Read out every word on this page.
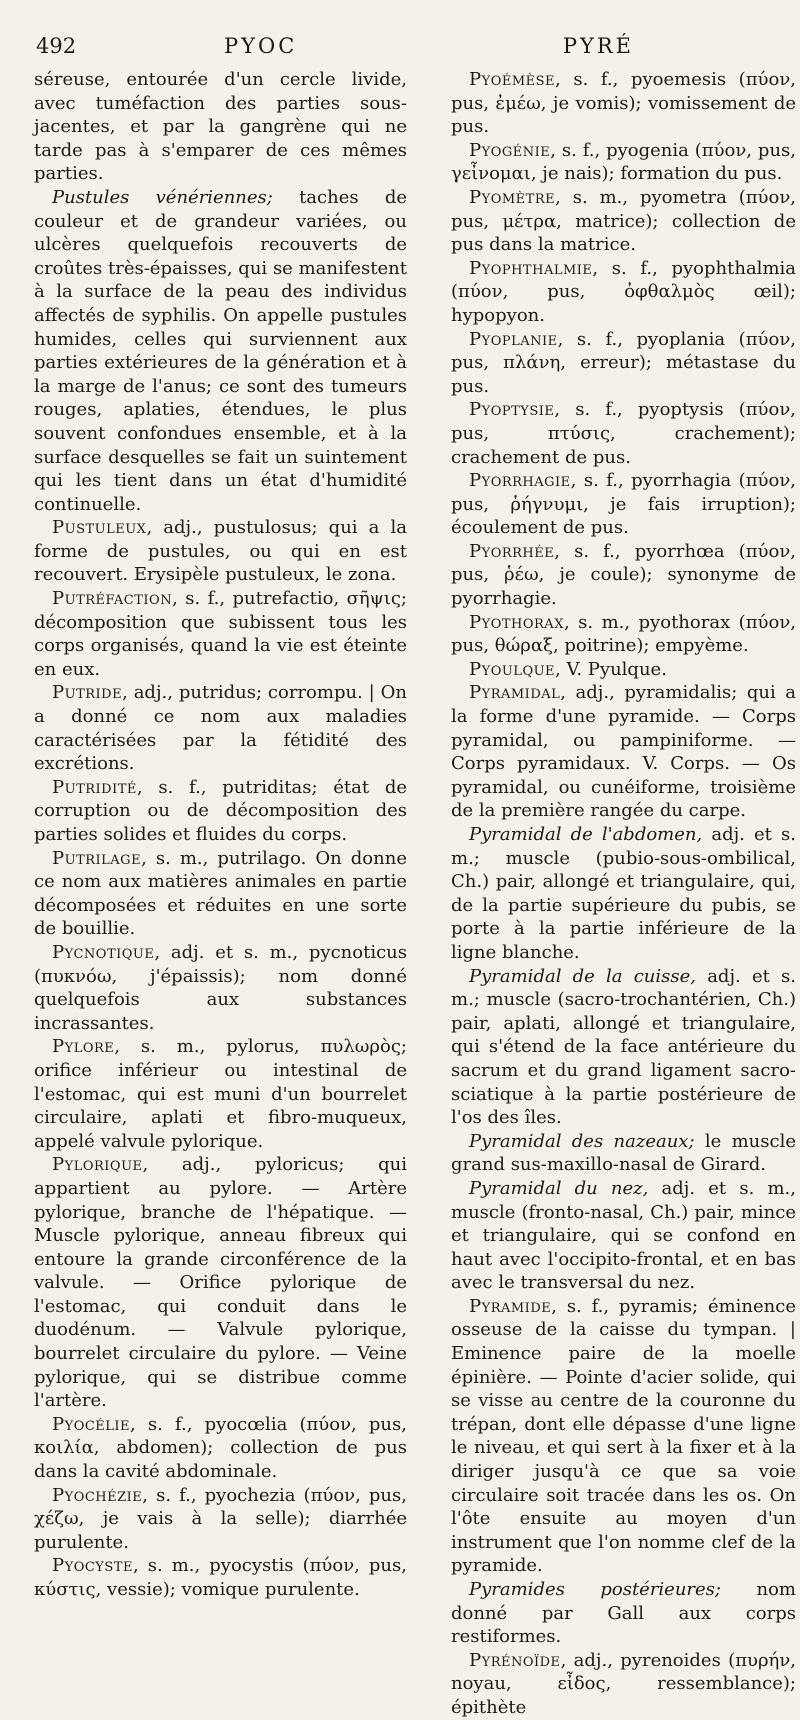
492	PYOC	PYRÉ

séreuse, entourée d'un cercle livide, avec tuméfaction des parties sous-jacentes, et par la gangrène qui ne tarde pas à s'emparer de ces mêmes parties.

Pustules vénériennes; taches de couleur et de grandeur variées, ou ulcères quelquefois recouverts de croûtes très-épaisses, qui se manifestent à la surface de la peau des individus affectés de syphilis. On appelle pustules humides, celles qui surviennent aux parties extérieures de la génération et à la marge de l'anus; ce sont des tumeurs rouges, aplaties, étendues, le plus souvent confondues ensemble, et à la surface desquelles se fait un suintement qui les tient dans un état d'humidité continuelle.

Pustuleux, adj., pustulosus; qui a la forme de pustules, ou qui en est recouvert. Erysipèle pustuleux, le zona.

Putréfaction, s. f., putrefactio, σῆψις; décomposition que subissent tous les corps organisés, quand la vie est éteinte en eux.

Putride, adj., putridus; corrompu. | On a donné ce nom aux maladies caractérisées par la fétidité des excrétions.

Putridité, s. f., putriditas; état de corruption ou de décomposition des parties solides et fluides du corps.

Putrilage, s. m., putrilago. On donne ce nom aux matières animales en partie décomposées et réduites en une sorte de bouillie.

Pycnotique, adj. et s. m., pycnoticus (πυκνόω, j'épaissis); nom donné quelquefois aux substances incrassantes.

Pylore, s. m., pylorus, πυλωρὸς; orifice inférieur ou intestinal de l'estomac, qui est muni d'un bourrelet circulaire, aplati et fibro-muqueux, appelé valvule pylorique.

Pylorique, adj., pyloricus; qui appartient au pylore. — Artère pylorique, branche de l'hépatique. — Muscle pylorique, anneau fibreux qui entoure la grande circonférence de la valvule. — Orifice pylorique de l'estomac, qui conduit dans le duodénum. — Valvule pylorique, bourrelet circulaire du pylore. — Veine pylorique, qui se distribue comme l'artère.

Pyocélie, s. f., pyocœlia (πύον, pus, κοιλία, abdomen); collection de pus dans la cavité abdominale.

Pyochézie, s. f., pyochezia (πύον, pus, χέζω, je vais à la selle); diarrhée purulente.

Pyocyste, s. m., pyocystis (πύον, pus, κύστις, vessie); vomique purulente.

Pyoémèse, s. f., pyoemesis (πύον, pus, ἐμέω, je vomis); vomissement de pus.

Pyogénie, s. f., pyogenia (πύον, pus, γεἶνομαι, je nais); formation du pus.

Pyomètre, s. m., pyometra (πύον, pus, μέτρα, matrice); collection de pus dans la matrice.

Pyophthalmie, s. f., pyophthalmia (πύον, pus, ὀφθαλμὸς œil); hypopyon.

Pyoplanie, s. f., pyoplania (πύον, pus, πλάνη, erreur); métastase du pus.

Pyoptysie, s. f., pyoptysis (πύον, pus, πτύσις, crachement); crachement de pus.

Pyorrhagie, s. f., pyorrhagia (πύον, pus, ῥήγνυμι, je fais irruption); écoulement de pus.

Pyorrhée, s. f., pyorrhœa (πύον, pus, ῥέω, je coule); synonyme de pyorrhagie.

Pyothorax, s. m., pyothorax (πύον, pus, θώραξ, poitrine); empyème.

Pyoulque, V. Pyulque.

Pyramidal, adj., pyramidalis; qui a la forme d'une pyramide. — Corps pyramidal, ou pampiniforme. — Corps pyramidaux. V. Corps. — Os pyramidal, ou cunéiforme, troisième de la première rangée du carpe.

Pyramidal de l'abdomen, adj. et s. m.; muscle (pubio-sous-ombilical, Ch.) pair, allongé et triangulaire, qui, de la partie supérieure du pubis, se porte à la partie inférieure de la ligne blanche.

Pyramidal de la cuisse, adj. et s. m.; muscle (sacro-trochantérien, Ch.) pair, aplati, allongé et triangulaire, qui s'étend de la face antérieure du sacrum et du grand ligament sacro-sciatique à la partie postérieure de l'os des îles.

Pyramidal des nazeaux; le muscle grand sus-maxillo-nasal de Girard.

Pyramidal du nez, adj. et s. m., muscle (fronto-nasal, Ch.) pair, mince et triangulaire, qui se confond en haut avec l'occipito-frontal, et en bas avec le transversal du nez.

Pyramide, s. f., pyramis; éminence osseuse de la caisse du tympan. | Eminence paire de la moelle épinière. — Pointe d'acier solide, qui se visse au centre de la couronne du trépan, dont elle dépasse d'une ligne le niveau, et qui sert à la fixer et à la diriger jusqu'à ce que sa voie circulaire soit tracée dans les os. On l'ôte ensuite au moyen d'un instrument que l'on nomme clef de la pyramide.

Pyramides postérieures; nom donné par Gall aux corps restiformes.

Pyrénoïde, adj., pyrenoides (πυρήν, noyau, εἶδος, ressemblance); épithète
